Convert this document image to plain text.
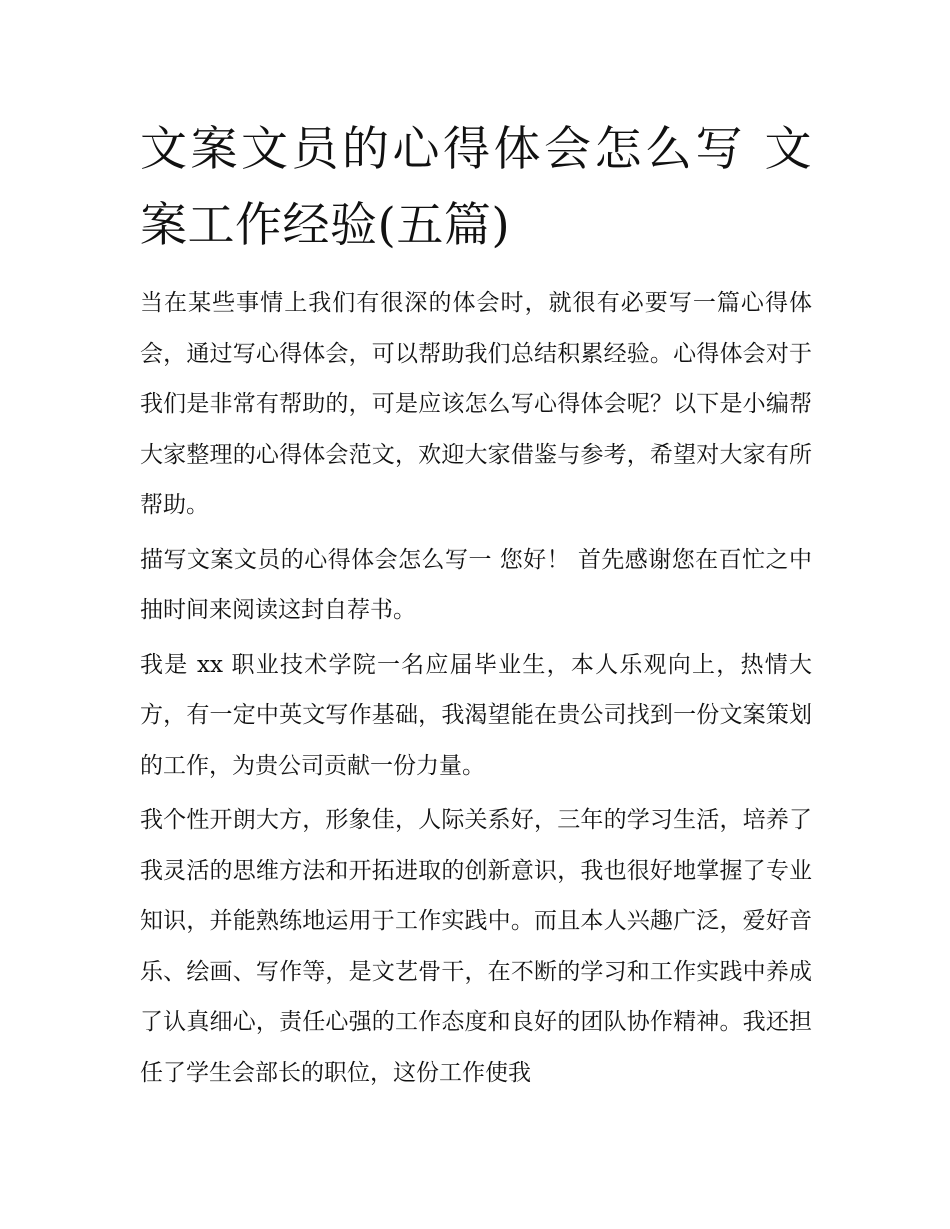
文案文员的心得体会怎么写 文案工作经验(五篇)

当在某些事情上我们有很深的体会时，就很有必要写一篇心得体会，通过写心得体会，可以帮助我们总结积累经验。心得体会对于我们是非常有帮助的，可是应该怎么写心得体会呢？以下是小编帮大家整理的心得体会范文，欢迎大家借鉴与参考，希望对大家有所帮助。

描写文案文员的心得体会怎么写一 您好！ 首先感谢您在百忙之中抽时间来阅读这封自荐书。

我是 xx 职业技术学院一名应届毕业生，本人乐观向上，热情大方，有一定中英文写作基础，我渴望能在贵公司找到一份文案策划的工作，为贵公司贡献一份力量。

我个性开朗大方，形象佳，人际关系好，三年的学习生活，培养了我灵活的思维方法和开拓进取的创新意识，我也很好地掌握了专业知识，并能熟练地运用于工作实践中。而且本人兴趣广泛，爱好音乐、绘画、写作等，是文艺骨干，在不断的学习和工作实践中养成了认真细心，责任心强的工作态度和良好的团队协作精神。我还担任了学生会部长的职位，这份工作使我
